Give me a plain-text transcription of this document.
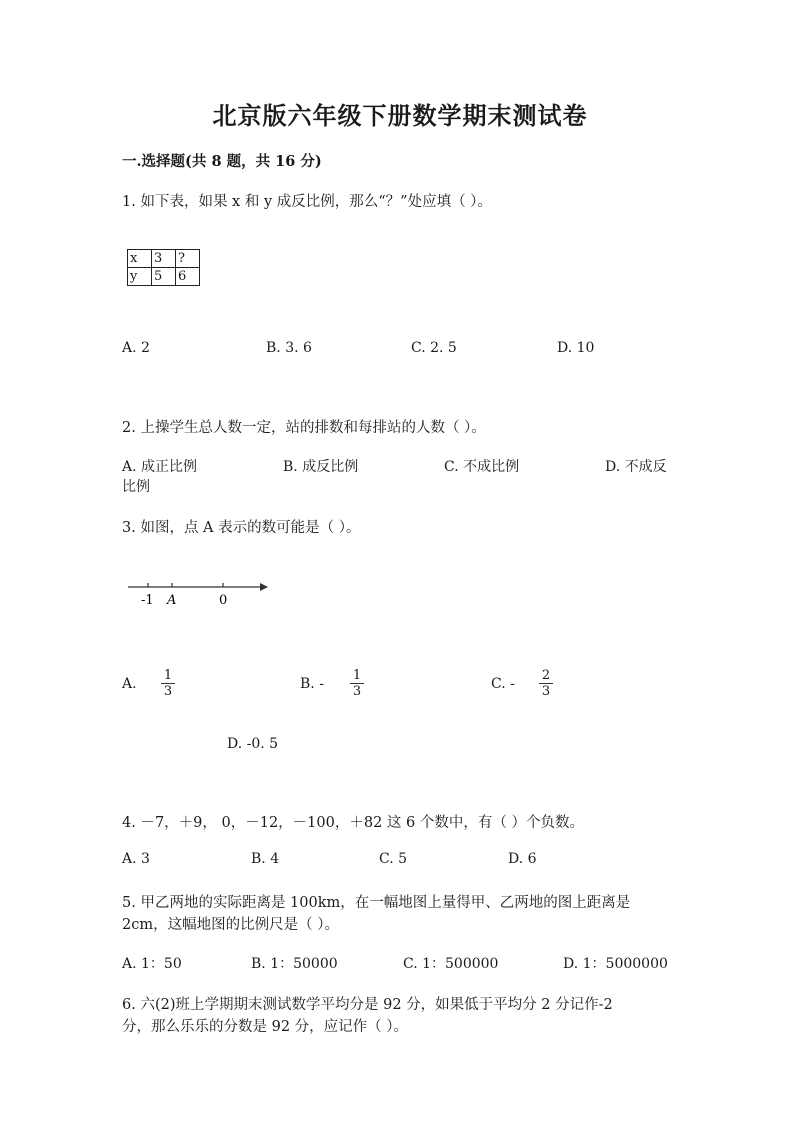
北京版六年级下册数学期末测试卷
一.选择题(共 8 题，共 16 分)
1. 如下表，如果 x 和 y 成反比例，那么“？”处应填（ ）。
x	3	?
y	5	6
A. 2	B. 3. 6	C. 2. 5	D. 10
2. 上操学生总人数一定，站的排数和每排站的人数（ ）。
A. 成正比例	B. 成反比例	C. 不成比例	D. 不成反
比例
3. 如图，点 A 表示的数可能是（ ）。
-1 A	0
A.
1
3	B. -
1
3	C. -
2
3
D. -0. 5
4. －7，＋9， 0，－12，－100，＋82 这 6 个数中，有（ ）个负数。
A. 3	B. 4	C. 5	D. 6
5. 甲乙两地的实际距离是 100km，在一幅地图上量得甲、乙两地的图上距离是
2cm，这幅地图的比例尺是（ ）。
A. 1：50	B. 1：50000	C. 1：500000	D. 1：5000000
6. 六(2)班上学期期末测试数学平均分是 92 分，如果低于平均分 2 分记作-2
分，那么乐乐的分数是 92 分，应记作（ ）。
